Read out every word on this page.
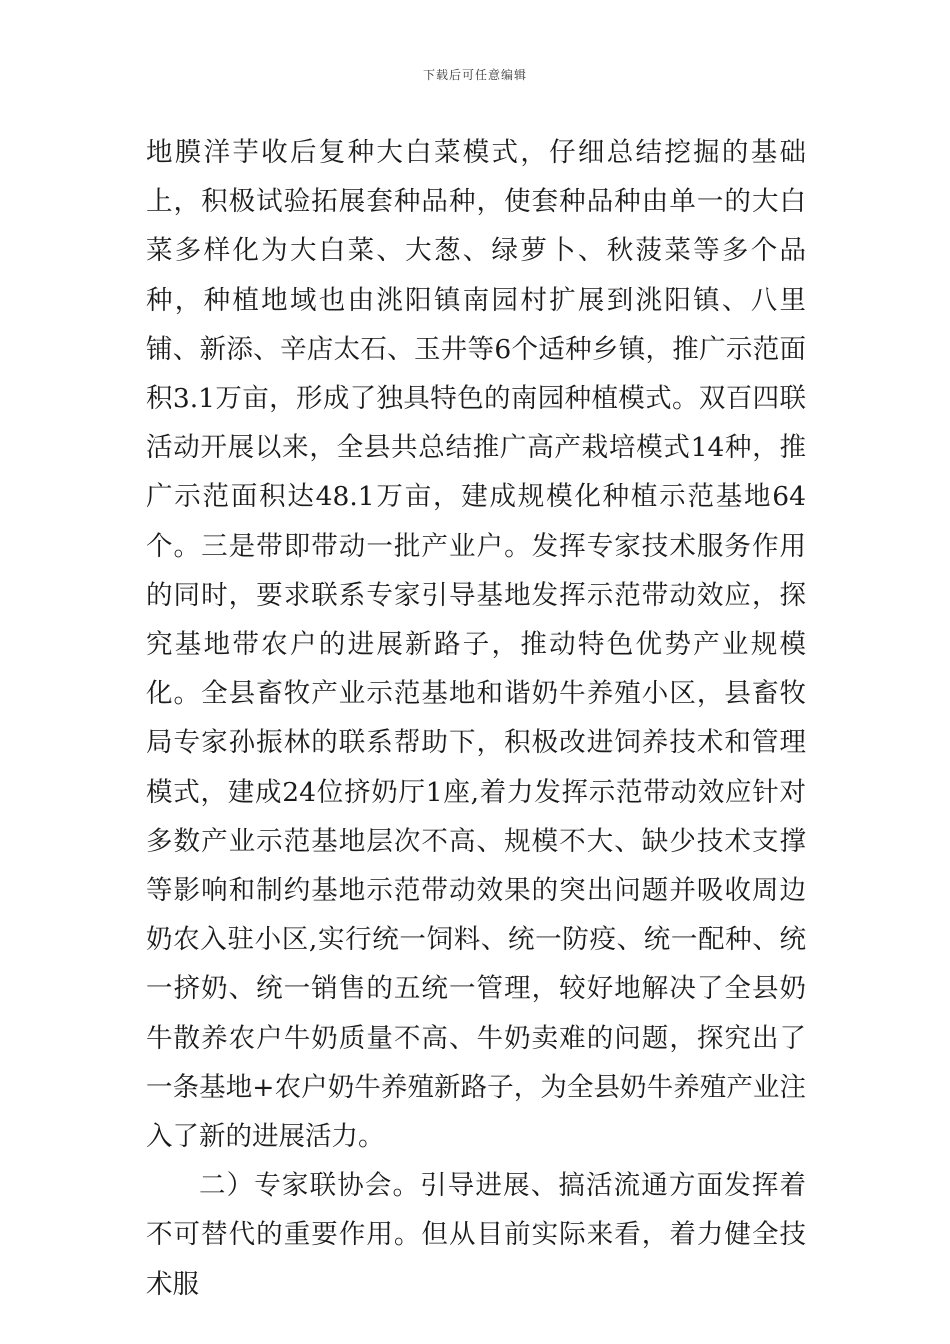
下载后可任意编辑

地膜洋芋收后复种大白菜模式，仔细总结挖掘的基础上，积极试验拓展套种品种，使套种品种由单一的大白菜多样化为大白菜、大葱、绿萝卜、秋菠菜等多个品种，种植地域也由洮阳镇南园村扩展到洮阳镇、八里铺、新添、辛店太石、玉井等6个适种乡镇，推广示范面积3.1万亩，形成了独具特色的南园种植模式。双百四联活动开展以来，全县共总结推广高产栽培模式14种，推广示范面积达48.1万亩，建成规模化种植示范基地64个。三是带即带动一批产业户。发挥专家技术服务作用的同时，要求联系专家引导基地发挥示范带动效应，探究基地带农户的进展新路子，推动特色优势产业规模化。全县畜牧产业示范基地和谐奶牛养殖小区，县畜牧局专家孙振林的联系帮助下，积极改进饲养技术和管理模式，建成24位挤奶厅1座,着力发挥示范带动效应针对多数产业示范基地层次不高、规模不大、缺少技术支撑等影响和制约基地示范带动效果的突出问题并吸收周边奶农入驻小区,实行统一饲料、统一防疫、统一配种、统一挤奶、统一销售的五统一管理，较好地解决了全县奶牛散养农户牛奶质量不高、牛奶卖难的问题，探究出了一条基地+农户奶牛养殖新路子，为全县奶牛养殖产业注入了新的进展活力。

二）专家联协会。引导进展、搞活流通方面发挥着不可替代的重要作用。但从目前实际来看，着力健全技术服
